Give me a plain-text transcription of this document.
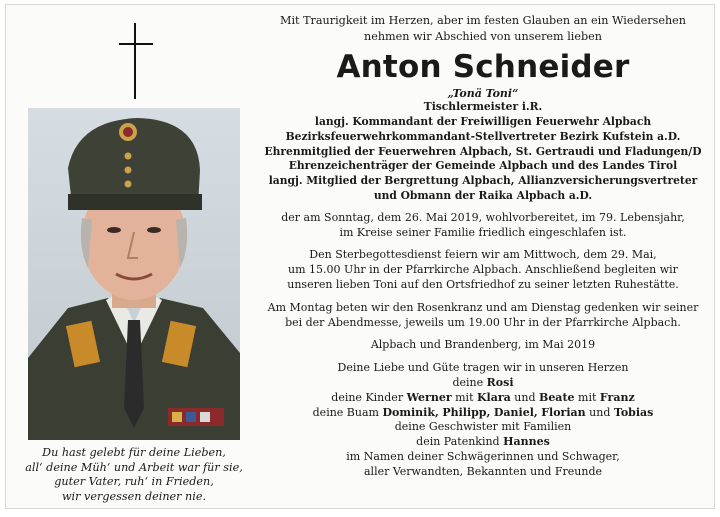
Du hast gelebt für deine Lieben,
all‘ deine Müh‘ und Arbeit war für sie,
guter Vater, ruh‘ in Frieden,
wir vergessen deiner nie.
Mit Traurigkeit im Herzen, aber im festen Glauben an ein Wiedersehen
nehmen wir Abschied von unserem lieben
Anton Schneider
„Tonä Toni“
Tischlermeister i.R.
langj. Kommandant der Freiwilligen Feuerwehr Alpbach
Bezirksfeuerwehrkommandant-Stellvertreter Bezirk Kufstein a.D.
Ehrenmitglied der Feuerwehren Alpbach, St. Gertraudi und Fladungen/D
Ehrenzeichenträger der Gemeinde Alpbach und des Landes Tirol
langj. Mitglied der Bergrettung Alpbach, Allianzversicherungsvertreter
und Obmann der Raika Alpbach a.D.
der am Sonntag, dem 26. Mai 2019, wohlvorbereitet, im 79. Lebensjahr,
im Kreise seiner Familie friedlich eingeschlafen ist.
Den Sterbegottesdienst feiern wir am Mittwoch, dem 29. Mai,
um 15.00 Uhr in der Pfarrkirche Alpbach. Anschließend begleiten wir
unseren lieben Toni auf den Ortsfriedhof zu seiner letzten Ruhestätte.
Am Montag beten wir den Rosenkranz und am Dienstag gedenken wir seiner
bei der Abendmesse, jeweils um 19.00 Uhr in der Pfarrkirche Alpbach.
Alpbach und Brandenberg, im Mai 2019
Deine Liebe und Güte tragen wir in unseren Herzen
deine Rosi
deine Kinder Werner mit Klara und Beate mit Franz
deine Buam Dominik, Philipp, Daniel, Florian und Tobias
deine Geschwister mit Familien
dein Patenkind Hannes
im Namen deiner Schwägerinnen und Schwager,
aller Verwandten, Bekannten und Freunde
